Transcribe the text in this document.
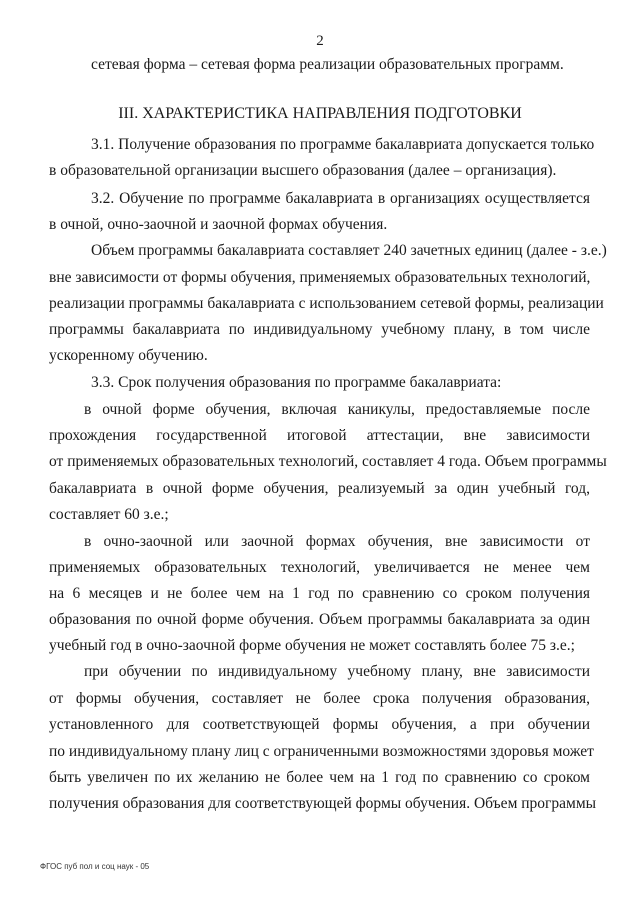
2
сетевая форма – сетевая форма реализации образовательных программ.
III. ХАРАКТЕРИСТИКА НАПРАВЛЕНИЯ ПОДГОТОВКИ
3.1. Получение образования по программе бакалавриата допускается только
в образовательной организации высшего образования (далее – организация).
3.2. Обучение по программе бакалавриата в организациях осуществляется
в очной, очно-заочной и заочной формах обучения.
Объем программы бакалавриата составляет 240 зачетных единиц (далее - з.е.)
вне зависимости от формы обучения, применяемых образовательных технологий,
реализации программы бакалавриата с использованием сетевой формы, реализации
программы бакалавриата по индивидуальному учебному плану, в том числе
ускоренному обучению.
3.3. Срок получения образования по программе бакалавриата:
в очной форме обучения, включая каникулы, предоставляемые после
прохождения государственной итоговой аттестации, вне зависимости
от применяемых образовательных технологий, составляет 4 года. Объем программы
бакалавриата в очной форме обучения, реализуемый за один учебный год,
составляет 60 з.е.;
в очно-заочной или заочной формах обучения, вне зависимости от
применяемых образовательных технологий, увеличивается не менее чем
на 6 месяцев и не более чем на 1 год по сравнению со сроком получения
образования по очной форме обучения. Объем программы бакалавриата за один
учебный год в очно-заочной форме обучения не может составлять более 75 з.е.;
при обучении по индивидуальному учебному плану, вне зависимости
от формы обучения, составляет не более срока получения образования,
установленного для соответствующей формы обучения, а при обучении
по индивидуальному плану лиц с ограниченными возможностями здоровья может
быть увеличен по их желанию не более чем на 1 год по сравнению со сроком
получения образования для соответствующей формы обучения. Объем программы
ФГОС пуб пол и соц наук - 05
